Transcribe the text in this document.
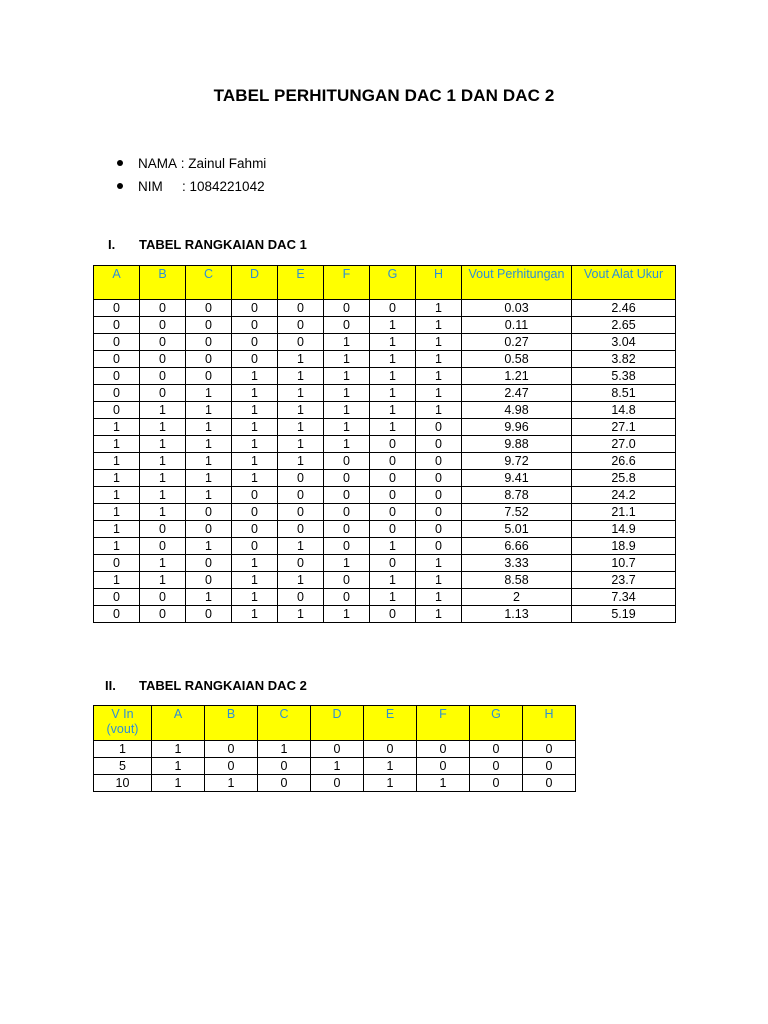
TABEL PERHITUNGAN DAC 1 DAN DAC 2
NAMA
: Zainul Fahmi
NIM	: 1084221042
I. TABEL RANGKAIAN DAC 1
A	B	C	D	E	F	G	H	Vout Perhitungan	Vout Alat Ukur
0	0	0	0	0	0	0	1	0.03	2.46
0	0	0	0	0	0	1	1	0.11	2.65
0	0	0	0	0	1	1	1	0.27	3.04
0	0	0	0	1	1	1	1	0.58	3.82
0	0	0	1	1	1	1	1	1.21	5.38
0	0	1	1	1	1	1	1	2.47	8.51
0	1	1	1	1	1	1	1	4.98	14.8
1	1	1	1	1	1	1	0	9.96	27.1
1	1	1	1	1	1	0	0	9.88	27.0
1	1	1	1	1	0	0	0	9.72	26.6
1	1	1	1	0	0	0	0	9.41	25.8
1	1	1	0	0	0	0	0	8.78	24.2
1	1	0	0	0	0	0	0	7.52	21.1
1	0	0	0	0	0	0	0	5.01	14.9
1	0	1	0	1	0	1	0	6.66	18.9
0	1	0	1	0	1	0	1	3.33	10.7
1	1	0	1	1	0	1	1	8.58	23.7
0	0	1	1	0	0	1	1	2	7.34
0	0	0	1	1	1	0	1	1.13	5.19
II. TABEL RANGKAIAN DAC 2
V In (vout)	A	B	C	D	E	F	G	H
1	1	0	1	0	0	0	0	0
5	1	0	0	1	1	0	0	0
10	1	1	0	0	1	1	0	0
